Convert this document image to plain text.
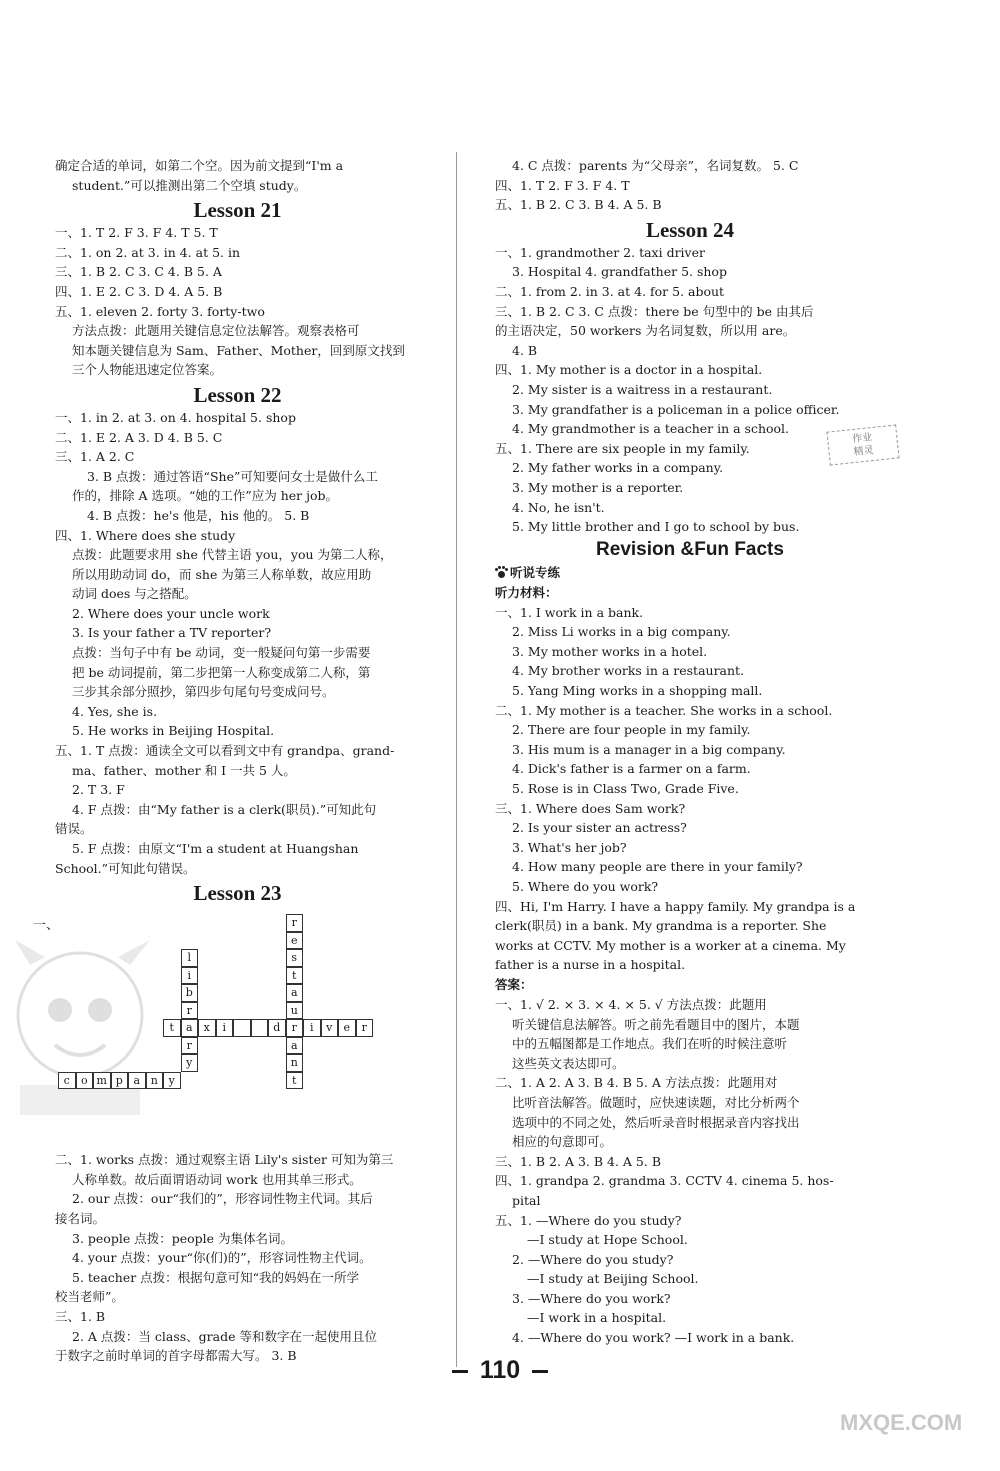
确定合适的单词，如第二个空。因为前文提到“I'm a
student.”可以推测出第二个空填 study。
Lesson 21
一、1. T 2. F 3. F 4. T 5. T
二、1. on 2. at 3. in 4. at 5. in
三、1. B 2. C 3. C 4. B 5. A
四、1. E 2. C 3. D 4. A 5. B
五、1. eleven 2. forty 3. forty-two
方法点拨：此题用关键信息定位法解答。观察表格可
知本题关键信息为 Sam、Father、Mother，回到原文找到
三个人物能迅速定位答案。
Lesson 22
一、1. in 2. at 3. on 4. hospital 5. shop
二、1. E 2. A 3. D 4. B 5. C
三、1. A 2. C
3. B 点拨：通过答语“She”可知要问女士是做什么工
作的，排除 A 选项。“她的工作”应为 her job。
4. B 点拨：he's 他是，his 他的。 5. B
四、1. Where does she study
点拨：此题要求用 she 代替主语 you，you 为第二人称，
所以用助动词 do，而 she 为第三人称单数，故应用助
动词 does 与之搭配。
2. Where does your uncle work
3. Is your father a TV reporter?
点拨：当句子中有 be 动词，变一般疑问句第一步需要
把 be 动词提前，第二步把第一人称变成第二人称，第
三步其余部分照抄，第四步句尾句号变成问号。
4. Yes, she is.
5. He works in Beijing Hospital.
五、1. T 点拨：通读全文可以看到文中有 grandpa、grand-
ma、father、mother 和 I 一共 5 人。
2. T 3. F
4. F 点拨：由“My father is a clerk(职员).”可知此句
错误。
5. F 点拨：由原文“I'm a student at Huangshan
School.”可知此句错误。
Lesson 23
一、	r
e
s
t
a
u
r
a
n
t
l
i
b
r
a
r
y
t	x	i	d	i	v	e	r
c	o m p a n y
二、1. works 点拨：通过观察主语 Lily's sister 可知为第三
人称单数。故后面谓语动词 work 也用其单三形式。
2. our 点拨：our“我们的”，形容词性物主代词。其后
接名词。
3. people 点拨：people 为集体名词。
4. your 点拨：your“你(们)的”，形容词性物主代词。
5. teacher 点拨：根据句意可知“我的妈妈在一所学
校当老师”。
三、1. B
2. A 点拨：当 class、grade 等和数字在一起使用且位
于数字之前时单词的首字母都需大写。 3. B
4. C 点拨：parents 为“父母亲”，名词复数。 5. C
四、1. T 2. F 3. F 4. T
五、1. B 2. C 3. B 4. A 5. B
Lesson 24
一、1. grandmother 2. taxi driver
3. Hospital 4. grandfather 5. shop
二、1. from 2. in 3. at 4. for 5. about
三、1. B 2. C 3. C 点拨：there be 句型中的 be 由其后
的主语决定，50 workers 为名词复数，所以用 are。
4. B
四、1. My mother is a doctor in a hospital.
2. My sister is a waitress in a restaurant.
3. My grandfather is a policeman in a police officer.
4. My grandmother is a teacher in a school.
五、1. There are six people in my family.
2. My father works in a company.
3. My mother is a reporter.
4. No, he isn't.
5. My little brother and I go to school by bus.
Revision &Fun Facts
听说专练
听力材料：
一、1. I work in a bank.
2. Miss Li works in a big company.
3. My mother works in a hotel.
4. My brother works in a restaurant.
5. Yang Ming works in a shopping mall.
二、1. My mother is a teacher. She works in a school.
2. There are four people in my family.
3. His mum is a manager in a big company.
4. Dick's father is a farmer on a farm.
5. Rose is in Class Two, Grade Five.
三、1. Where does Sam work?
2. Is your sister an actress?
3. What's her job?
4. How many people are there in your family?
5. Where do you work?
四、Hi, I'm Harry. I have a happy family. My grandpa is a
clerk(职员) in a bank. My grandma is a reporter. She
works at CCTV. My mother is a worker at a cinema. My
father is a nurse in a hospital.
答案：
一、1. √ 2. × 3. × 4. × 5. √ 方法点拨：此题用
听关键信息法解答。听之前先看题目中的图片，本题
中的五幅图都是工作地点。我们在听的时候注意听
这些英文表达即可。
二、1. A 2. A 3. B 4. B 5. A 方法点拨：此题用对
比听音法解答。做题时，应快速读题，对比分析两个
选项中的不同之处，然后听录音时根据录音内容找出
相应的句意即可。
三、1. B 2. A 3. B 4. A 5. B
四、1. grandpa 2. grandma 3. CCTV 4. cinema 5. hos-
pital
五、1. —Where do you study?
—I study at Hope School.
2. —Where do you study?
—I study at Beijing School.
3. —Where do you work?
—I work in a hospital.
4. —Where do you work? —I work in a bank.
作业
精灵
110
MXQE.COM
